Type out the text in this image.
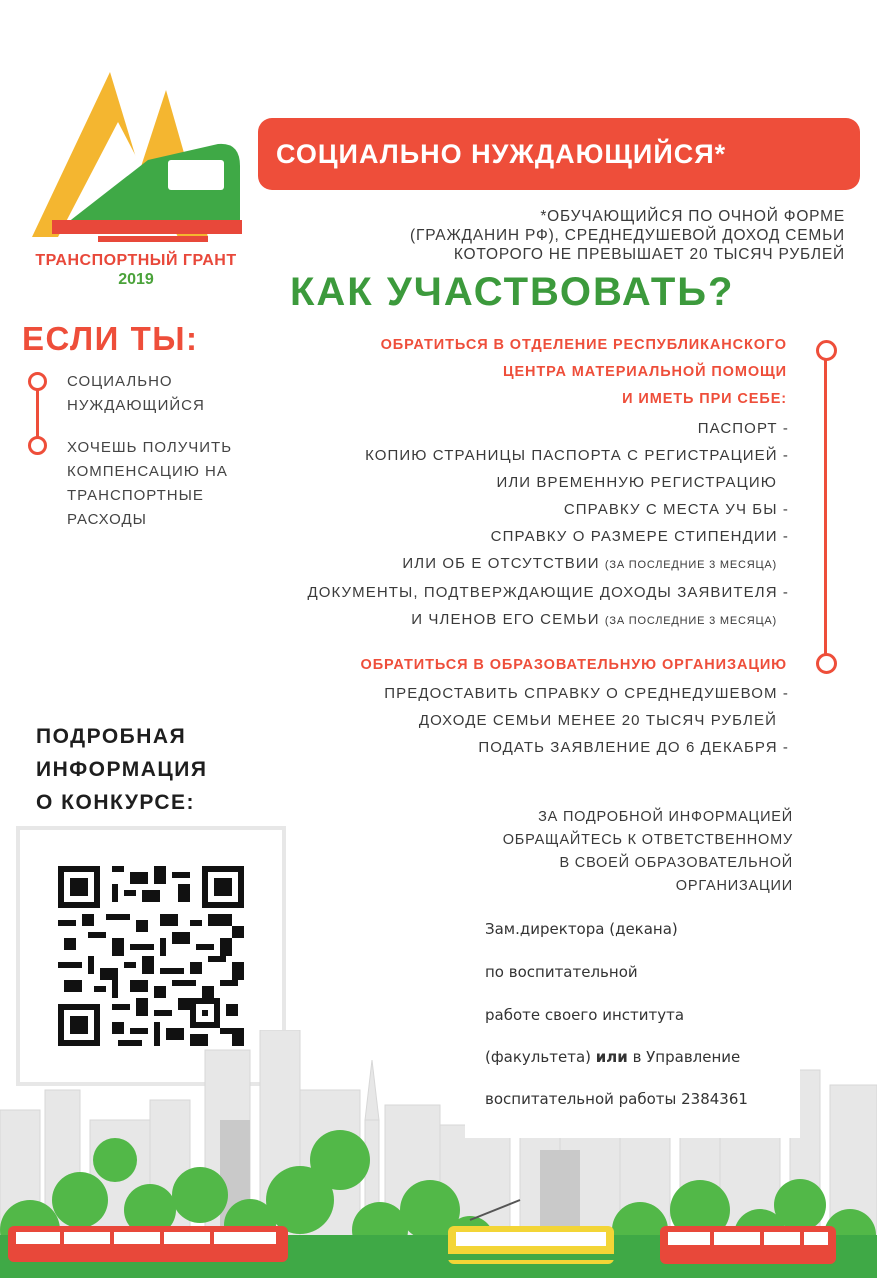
ТРАНСПОРТНЫЙ ГРАНТ
2019
СОЦИАЛЬНО НУЖДАЮЩИЙСЯ*
*ОБУЧАЮЩИЙСЯ ПО ОЧНОЙ ФОРМЕ
(ГРАЖДАНИН РФ), СРЕДНЕДУШЕВОЙ ДОХОД СЕМЬИ
КОТОРОГО НЕ ПРЕВЫШАЕТ 20 ТЫСЯЧ РУБЛЕЙ
КАК УЧАСТВОВАТЬ?
ЕСЛИ ТЫ:
СОЦИАЛЬНО
НУЖДАЮЩИЙСЯ
ХОЧЕШЬ ПОЛУЧИТЬ
КОМПЕНСАЦИЮ НА
ТРАНСПОРТНЫЕ
РАСХОДЫ
ОБРАТИТЬСЯ В ОТДЕЛЕНИЕ РЕСПУБЛИКАНСКОГО
ЦЕНТРА МАТЕРИАЛЬНОЙ ПОМОЩИ
И ИМЕТЬ ПРИ СЕБЕ:
ПАСПОРТ -
КОПИЮ СТРАНИЦЫ ПАСПОРТА С РЕГИСТРАЦИЕЙ -
ИЛИ ВРЕМЕННУЮ РЕГИСТРАЦИЮ
СПРАВКУ С МЕСТА УЧ БЫ -
СПРАВКУ О РАЗМЕРЕ СТИПЕНДИИ -
ИЛИ ОБ Е ОТСУТСТВИИ (ЗА ПОСЛЕДНИЕ 3 МЕСЯЦА)
ДОКУМЕНТЫ, ПОДТВЕРЖДАЮЩИЕ ДОХОДЫ ЗАЯВИТЕЛЯ -
И ЧЛЕНОВ ЕГО СЕМЬИ (ЗА ПОСЛЕДНИЕ 3 МЕСЯЦА)
ОБРАТИТЬСЯ В ОБРАЗОВАТЕЛЬНУЮ ОРГАНИЗАЦИЮ
ПРЕДОСТАВИТЬ СПРАВКУ О СРЕДНЕДУШЕВОМ -
ДОХОДЕ СЕМЬИ МЕНЕЕ 20 ТЫСЯЧ РУБЛЕЙ
ПОДАТЬ ЗАЯВЛЕНИЕ ДО 6 ДЕКАБРЯ -
ПОДРОБНАЯ
ИНФОРМАЦИЯ
О КОНКУРСЕ:
ЗА ПОДРОБНОЙ ИНФОРМАЦИЕЙ
ОБРАЩАЙТЕСЬ К ОТВЕТСТВЕННОМУ
В СВОЕЙ ОБРАЗОВАТЕЛЬНОЙ
ОРГАНИЗАЦИИ
Зам.директора (декана)
по воспитательной
работе своего института
(факультета) или в Управление
воспитательной работы 2384361
